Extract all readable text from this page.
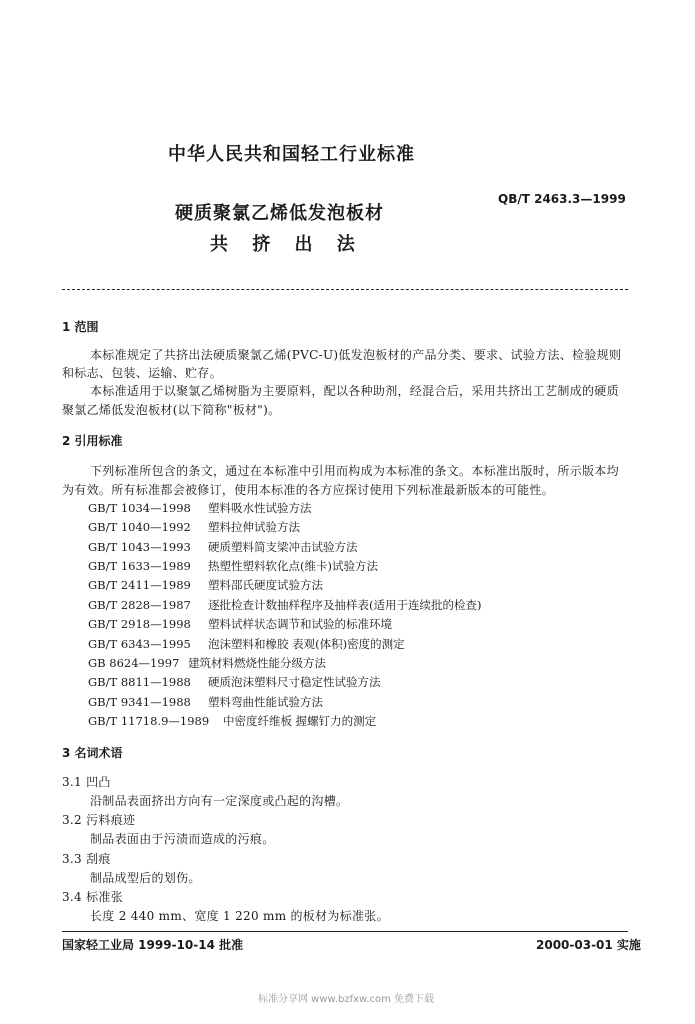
中华人民共和国轻工行业标准
QB/T 2463.3—1999
硬质聚氯乙烯低发泡板材
共 挤 出 法
1 范围
本标准规定了共挤出法硬质聚氯乙烯(PVC-U)低发泡板材的产品分类、要求、试验方法、检验规则
和标志、包装、运输、贮存。
本标准适用于以聚氯乙烯树脂为主要原料，配以各种助剂，经混合后，采用共挤出工艺制成的硬质
聚氯乙烯低发泡板材(以下简称"板材")。
2 引用标准
下列标准所包含的条文，通过在本标准中引用而构成为本标准的条文。本标准出版时，所示版本均
为有效。所有标准都会被修订，使用本标准的各方应探讨使用下列标准最新版本的可能性。
GB/T 1034—1998 塑料吸水性试验方法
GB/T 1040—1992 塑料拉伸试验方法
GB/T 1043—1993 硬质塑料简支梁冲击试验方法
GB/T 1633—1989 热塑性塑料软化点(维卡)试验方法
GB/T 2411—1989 塑料邵氏硬度试验方法
GB/T 2828—1987 逐批检查计数抽样程序及抽样表(适用于连续批的检查)
GB/T 2918—1998 塑料试样状态调节和试验的标准环境
GB/T 6343—1995 泡沫塑料和橡胶 表观(体积)密度的测定
GB 8624—1997 建筑材料燃烧性能分级方法
GB/T 8811—1988 硬质泡沫塑料尺寸稳定性试验方法
GB/T 9341—1988 塑料弯曲性能试验方法
GB/T 11718.9—1989 中密度纤维板 握螺钉力的测定
3 名词术语
3.1 凹凸
沿制品表面挤出方向有一定深度或凸起的沟槽。
3.2 污料痕迹
制品表面由于污渍而造成的污痕。
3.3 刮痕
制品成型后的划伤。
3.4 标准张
长度 2 440 mm、宽度 1 220 mm 的板材为标准张。
国家轻工业局 1999-10-14 批准	2000-03-01 实施
标准分享网 www.bzfxw.com 免费下载
